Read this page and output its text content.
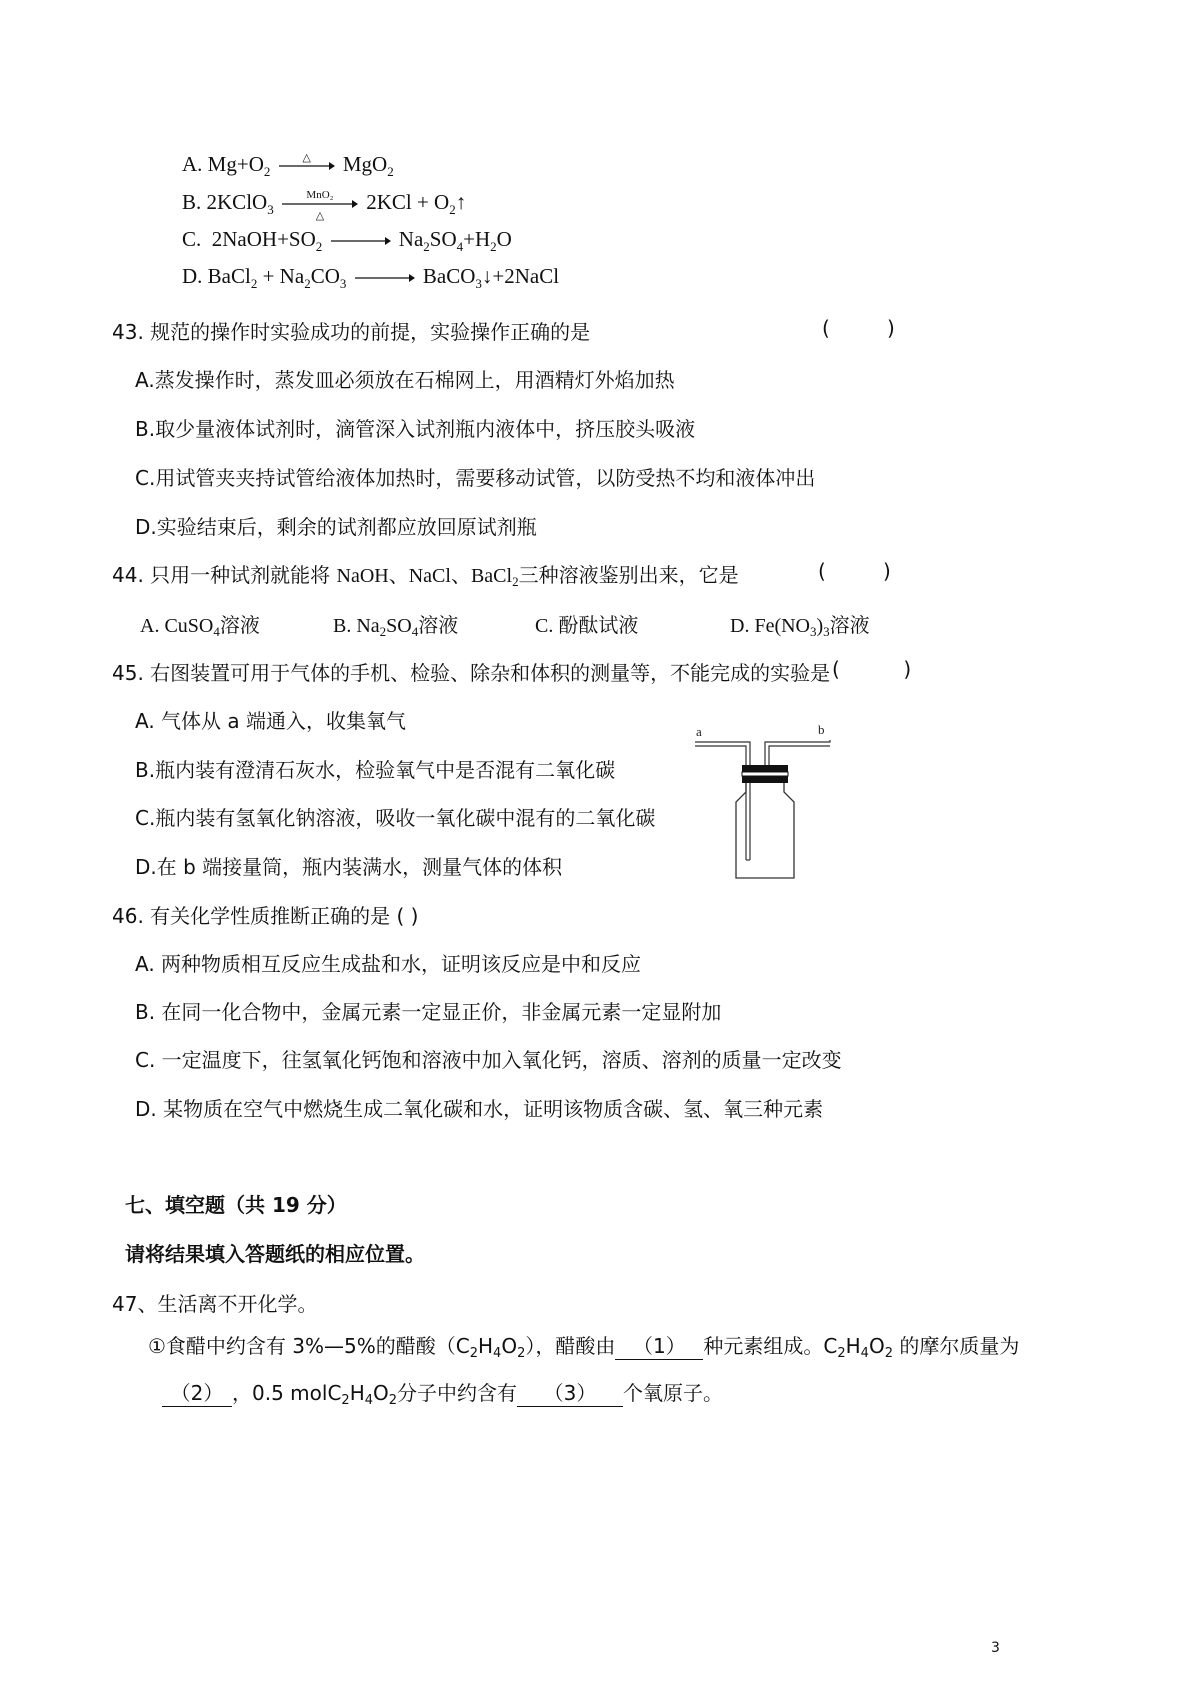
A. $Mg+O_2$
△	MgO$_2$
B. 2KClO$_3$
MnO₂
△
$2KCl + O_2↑$
C. $2NaOH+SO_2 \to Na_2SO_4+H_2O$
D. BaCl$_2$ + $Na_2CO_3$ → BaCO$_3$↓+2NaCl
43. 规范的操作时实验成功的前提，实验操作正确的是	(         )
A.蒸发操作时，蒸发皿必须放在石棉网上，用酒精灯外焰加热
B.取少量液体试剂时，滴管深入试剂瓶内液体中，挤压胶头吸液
C.用试管夹夹持试管给液体加热时，需要移动试管，以防受热不均和液体冲出
D.实验结束后，剩余的试剂都应放回原试剂瓶
44. 只用一种试剂就能将 NaOH、NaCl、BaCl$_2$三种溶液鉴别出来，它是	(         )
A. CuSO$_4$溶液	B. $Na_2SO_4$溶液	C. 酚酞试液	D. $Fe(NO_3)_3$溶液
45. 右图装置可用于气体的手机、检验、除杂和体积的测量等，不能完成的实验是 (          )
A. 气体从 a 端通入，收集氧气
B.瓶内装有澄清石灰水，检验氧气中是否混有二氧化碳
C.瓶内装有氢氧化钠溶液，吸收一氧化碳中混有的二氧化碳
D.在 b 端接量筒，瓶内装满水，测量气体的体积
a	b
46. 有关化学性质推断正确的是 ( )
A. 两种物质相互反应生成盐和水，证明该反应是中和反应
B. 在同一化合物中，金属元素一定显正价，非金属元素一定显附加
C. 一定温度下，往氢氧化钙饱和溶液中加入氧化钙，溶质、溶剂的质量一定改变
D. 某物质在空气中燃烧生成二氧化碳和水，证明该物质含碳、氢、氧三种元素
七、填空题（共 19 分）
请将结果填入答题纸的相应位置。
47、生活离不开化学。
①食醋中约含有 3%—5%的醋酸$(C_2H_4O_2)$，醋酸由 （1） 种元素组成。$C_2H_4O_2$ 的摩尔质量为
（2） ，0.5 $molC_2H_4O_2$分子中约含有 （3） 个氧原子。
3
